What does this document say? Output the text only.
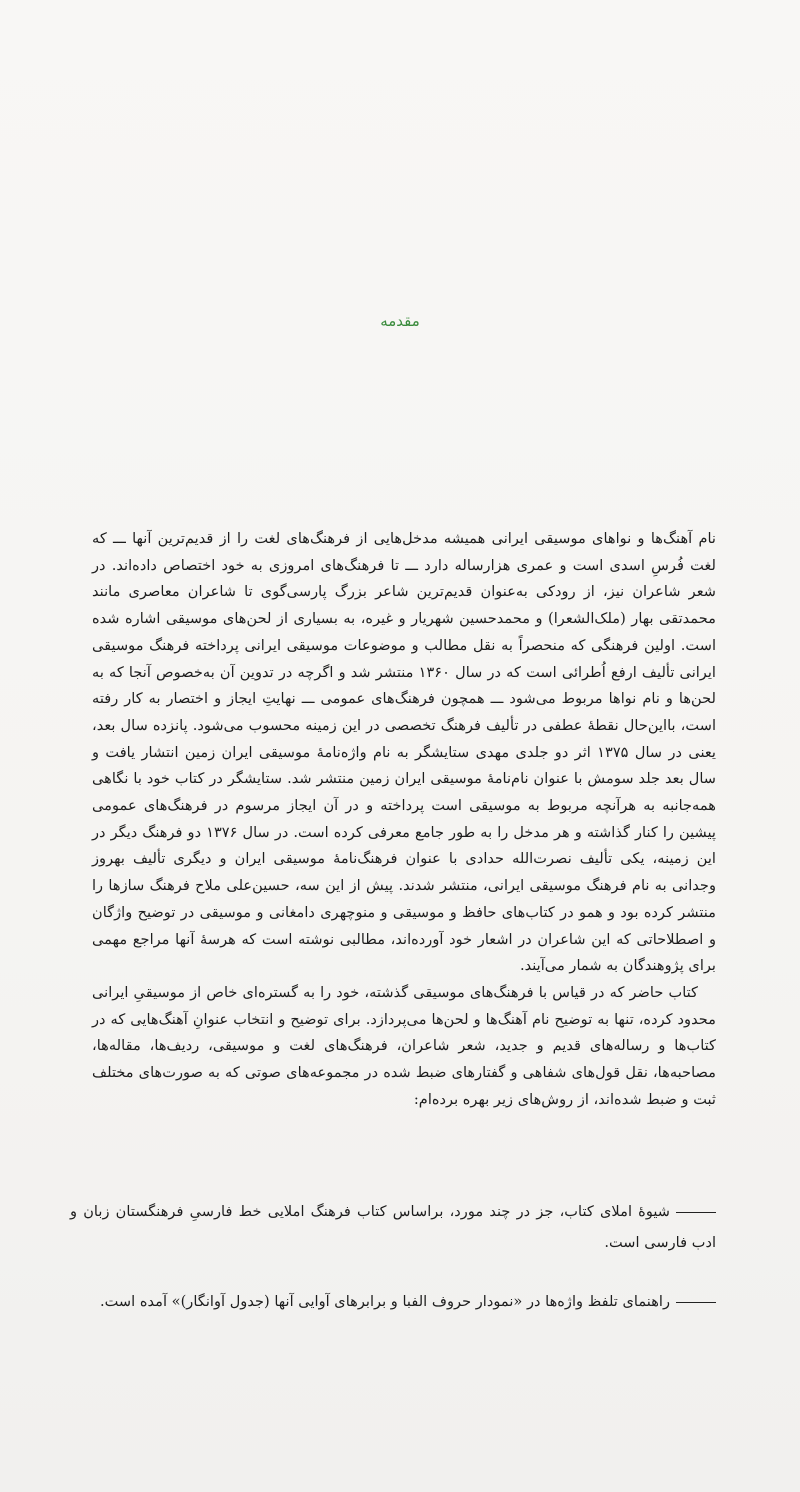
مقدمه

نام آهنگ‌ها و نواهای موسیقی ایرانی همیشه مدخل‌هایی از فرهنگ‌های لغت را از قدیم‌ترین آنها ـــ که لغت فُرسِ اسدی است و عمری هزارساله دارد ـــ تا فرهنگ‌های امروزی به خود اختصاص داده‌اند. در شعر شاعران نیز، از رودکی به‌عنوان قدیم‌ترین شاعر بزرگ پارسی‌گوی تا شاعران معاصری مانند محمدتقی بهار (ملک‌الشعرا) و محمدحسین شهریار و غیره، به بسیاری از لحن‌های موسیقی اشاره شده است. اولین فرهنگی که منحصراً به نقل مطالب و موضوعات موسیقی ایرانی پرداخته فرهنگ موسیقی ایرانی تألیف ارفع اُطرائی است که در سال ۱۳۶۰ منتشر شد و اگرچه در تدوین آن به‌خصوص آنجا که به لحن‌ها و نام نواها مربوط می‌شود ـــ همچون فرهنگ‌های عمومی ـــ نهایتِ ایجاز و اختصار به کار رفته است، بااین‌حال نقطهٔ عطفی در تألیف فرهنگ تخصصی در این زمینه محسوب می‌شود. پانزده سال بعد، یعنی در سال ۱۳۷۵ اثر دو جلدی مهدی ستایشگر به نام واژه‌نامهٔ موسیقی ایران زمین انتشار یافت و سال بعد جلد سومش با عنوان نام‌نامهٔ موسیقی ایران زمین منتشر شد. ستایشگر در کتاب خود با نگاهی همه‌جانبه به هرآنچه مربوط به موسیقی است پرداخته و در آن ایجاز مرسوم در فرهنگ‌های عمومی پیشین را کنار گذاشته و هر مدخل را به طور جامع معرفی کرده است. در سال ۱۳۷۶ دو فرهنگ دیگر در این زمینه، یکی تألیف نصرت‌الله حدادی با عنوان فرهنگ‌نامهٔ موسیقی ایران و دیگری تألیف بهروز وجدانی به نام فرهنگ موسیقی ایرانی، منتشر شدند. پیش از این سه، حسین‌علی ملاح فرهنگ سازها را منتشر کرده بود و همو در کتاب‌های حافظ و موسیقی و منوچهری دامغانی و موسیقی در توضیح واژگان و اصطلاحاتی که این شاعران در اشعار خود آورده‌اند، مطالبی نوشته است که هرسهٔ آنها مراجع مهمی برای پژوهندگان به شمار می‌آیند.

کتاب حاضر که در قیاس با فرهنگ‌های موسیقی گذشته، خود را به گستره‌ای خاص از موسیقیِ ایرانی محدود کرده، تنها به توضیح نام آهنگ‌ها و لحن‌ها می‌پردازد. برای توضیح و انتخاب عنوانِ آهنگ‌هایی که در کتاب‌ها و رساله‌های قدیم و جدید، شعر شاعران، فرهنگ‌های لغت و موسیقی، ردیف‌ها، مقاله‌ها، مصاحبه‌ها، نقل قول‌های شفاهی و گفتارهای ضبط شده در مجموعه‌های صوتی که به صورت‌های مختلف ثبت و ضبط شده‌اند، از روش‌های زیر بهره برده‌ام:

شیوهٔ املای کتاب، جز در چند مورد، براساس کتاب فرهنگ املایی خط فارسیِ فرهنگستان زبان و ادب فارسی است.
راهنمای تلفظ واژه‌ها در «نمودار حروف الفبا و برابرهای آوایی آنها (جدول آوانگار)» آمده است.
